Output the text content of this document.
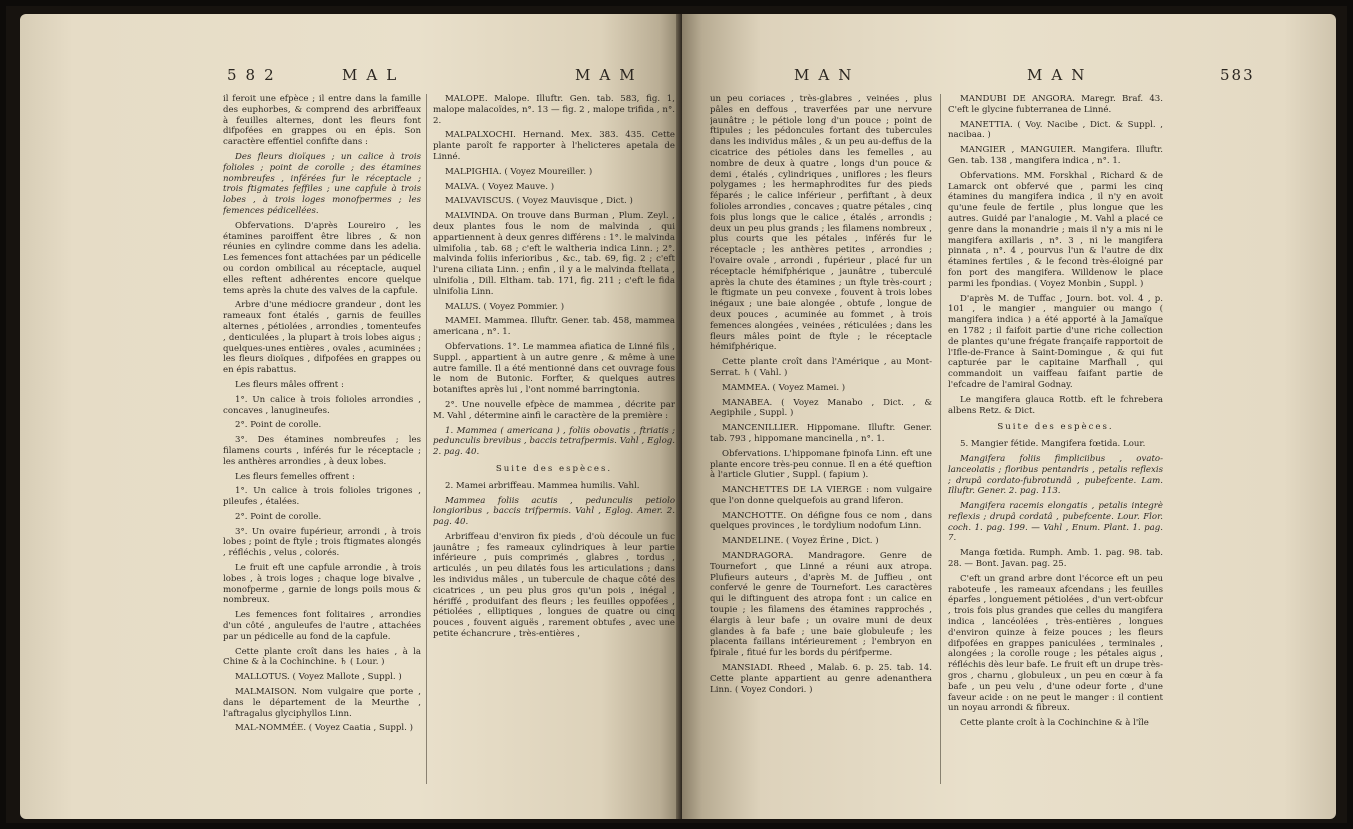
582	MAL	MAM

il feroit une efpèce ; il entre dans la famille des euphorbes, & comprend des arbriffeaux à feuilles alternes, dont les fleurs font difpofées en grappes ou en épis. Son caractère effentiel confifte dans :

Des fleurs dioïques ; un calice à trois folioles ; point de corolle ; des étamines nombreufes , inférées fur le réceptacle ; trois ftigmates feffiles ; une capfule à trois lobes , à trois loges monofpermes ; les femences pédicellées.

Obfervations. D'après Loureiro , les étamines paroiffent être libres , & non réunies en cylindre comme dans les adelia. Les femences font attachées par un pédicelle ou cordon ombilical au réceptacle, auquel elles reftent adhérentes encore quelque tems après la chute des valves de la capfule.

Arbre d'une médiocre grandeur , dont les rameaux font étalés , garnis de feuilles alternes , pétiolées , arrondies , tomenteufes , denticulées , la plupart à trois lobes aigus ; quelques-unes entières , ovales , acuminées ; les fleurs dioïques , difpofées en grappes ou en épis rabattus.

Les fleurs mâles offrent :

1°. Un calice à trois folioles arrondies , concaves , lanugineufes.

2°. Point de corolle.

3°. Des étamines nombreufes ; les filamens courts , inférés fur le réceptacle ; les anthères arrondies , à deux lobes.

Les fleurs femelles offrent :

1°. Un calice à trois folioles trigones , pileufes , étalées.

2°. Point de corolle.

3°. Un ovaire fupérieur, arrondi , à trois lobes ; point de ftyle ; trois ftigmates alongés , réfléchis , velus , colorés.

Le fruit eft une capfule arrondie , à trois lobes , à trois loges ; chaque loge bivalve , monofperme , garnie de longs poils mous & nombreux.

Les femences font folitaires , arrondies d'un côté , anguleufes de l'autre , attachées par un pédicelle au fond de la capfule.

Cette plante croît dans les haies , à la Chine & à la Cochinchine. ♄ ( Lour. )

MALLOTUS. ( Voyez Mallote , Suppl. )

MALMAISON. Nom vulgaire que porte , dans le département de la Meurthe , l'aftragalus glyciphyllos Linn.

MAL-NOMMÉE. ( Voyez Caatia , Suppl. )

MALOPE. Malope. Illuftr. Gen. tab. 583, fig. 1, malope malacoïdes, n°. 13 — fig. 2 , malope trifida , n°. 2.

MALPALXOCHI. Hernand. Mex. 383. 435. Cette plante paroît fe rapporter à l'helicteres apetala de Linné.

MALPIGHIA. ( Voyez Moureiller. )

MALVA. ( Voyez Mauve. )

MALVAVISCUS. ( Voyez Mauvisque , Dict. )

MALVINDA. On trouve dans Burman , Plum. Zeyl. , deux plantes fous le nom de malvinda , qui appartiennent à deux genres différens : 1°. le malvinda ulmifolia , tab. 68 ; c'eft le waltheria indica Linn. ; 2°. malvinda foliis inferioribus , &c., tab. 69, fig. 2 ; c'eft l'urena ciliata Linn. ; enfin , il y a le malvinda ftellata , ulnifolia , Dill. Eltham. tab. 171, fig. 211 ; c'eft le fida ulnifolia Linn.

MALUS. ( Voyez Pommier. )

MAMEI. Mammea. Illuftr. Gener. tab. 458, mammea americana , n°. 1.

Obfervations. 1°. Le mammea afiatica de Linné fils , Suppl. , appartient à un autre genre , & même à une autre famille. Il a été mentionné dans cet ouvrage fous le nom de Butonic. Forfter, & quelques autres botaniftes après lui , l'ont nommé barringtonia.

2°. Une nouvelle efpèce de mammea , décrite par M. Vahl , détermine ainfi le caractère de la première :

1. Mammea ( americana ) , foliis obovatis , ftriatis ; pedunculis brevibus , baccis tetrafpermis. Vahl , Eglog. 2. pag. 40.

Suite des espèces.

2. Mamei arbriffeau. Mammea humilis. Vahl.

Mammea foliis acutis , pedunculis petiolo longioribus , baccis trifpermis. Vahl , Eglog. Amer. 2. pag. 40.

Arbriffeau d'environ fix pieds , d'où découle un fuc jaunâtre ; fes rameaux cylindriques à leur partie inférieure , puis comprimés , glabres , tordus , articulés , un peu dilatés fous les articulations ; dans les individus mâles , un tubercule de chaque côté des cicatrices , un peu plus gros qu'un pois , inégal , hériffé , produifant des fleurs ; les feuilles oppofées , pétiolées , elliptiques , longues de quatre ou cinq pouces , fouvent aiguës , rarement obtufes , avec une petite échancrure , très-entières ,

MAN	MAN	583

un peu coriaces , très-glabres , veinées , plus pâles en deffous , traverfées par une nervure jaunâtre ; le pétiole long d'un pouce ; point de ftipules ; les pédoncules fortant des tubercules dans les individus mâles , & un peu au-deffus de la cicatrice des pétioles dans les femelles , au nombre de deux à quatre , longs d'un pouce & demi , étalés , cylindriques , uniflores ; les fleurs polygames ; les hermaphrodites fur des pieds féparés ; le calice inférieur , perfiftant , à deux folioles arrondies , concaves ; quatre pétales , cinq fois plus longs que le calice , étalés , arrondis ; deux un peu plus grands ; les filamens nombreux , plus courts que les pétales , inférés fur le réceptacle ; les anthères petites , arrondies ; l'ovaire ovale , arrondi , fupérieur , placé fur un réceptacle hémifphérique , jaunâtre , tuberculé après la chute des étamines ; un ftyle très-court ; le ftigmate un peu convexe , fouvent à trois lobes inégaux ; une baie alongée , obtufe , longue de deux pouces , acuminée au fommet , à trois femences alongées , veinées , réticulées ; dans les fleurs mâles point de ftyle ; le réceptacle hémifphérique.

Cette plante croît dans l'Amérique , au Mont-Serrat. ♄ ( Vahl. )

MAMMEA. ( Voyez Mamei. )

MANABEA. ( Voyez Manabo , Dict. , & Aegiphile , Suppl. )

MANCENILLIER. Hippomane. Illuftr. Gener. tab. 793 , hippomane mancinella , n°. 1.

Obfervations. L'hippomane fpinofa Linn. eft une plante encore très-peu connue. Il en a été queftion à l'article Glutier , Suppl. ( fapium ).

MANCHETTES DE LA VIERGE : nom vulgaire que l'on donne quelquefois au grand liferon.

MANCHOTTE. On défigne fous ce nom , dans quelques provinces , le tordylium nodofum Linn.

MANDELINE. ( Voyez Érine , Dict. )

MANDRAGORA. Mandragore. Genre de Tournefort , que Linné a réuni aux atropa. Plufieurs auteurs , d'après M. de Juffieu , ont confervé le genre de Tournefort. Les caractères qui le diftinguent des atropa font : un calice en toupie ; les filamens des étamines rapprochés , élargis à leur bafe ; un ovaire muni de deux glandes à fa bafe ; une baie globuleufe ; les placenta faillans intérieurement ; l'embryon en fpirale , fitué fur les bords du périfperme.

MANSIADI. Rheed , Malab. 6. p. 25. tab. 14. Cette plante appartient au genre adenanthera Linn. ( Voyez Condori. )

MANDUBI DE ANGORA. Maregr. Braf. 43. C'eft le glycine fubterranea de Linné.

MANETTIA. ( Voy. Nacibe , Dict. & Suppl. , nacibaa. )

MANGIER , MANGUIER. Mangifera. Illuftr. Gen. tab. 138 , mangifera indica , n°. 1.

Obfervations. MM. Forskhal , Richard & de Lamarck ont obfervé que , parmi les cinq étamines du mangifera indica , il n'y en avoit qu'une feule de fertile , plus longue que les autres. Guidé par l'analogie , M. Vahl a placé ce genre dans la monandrie ; mais il n'y a mis ni le mangifera axillaris , n°. 3 , ni le mangifera pinnata , n°. 4 , pourvus l'un & l'autre de dix étamines fertiles , & le fecond très-éloigné par fon port des mangifera. Willdenow le place parmi les fpondias. ( Voyez Monbin , Suppl. )

D'après M. de Tuffac , Journ. bot. vol. 4 , p. 101 , le mangier , manguier ou mango ( mangifera indica ) a été apporté à la Jamaïque en 1782 ; il faifoit partie d'une riche collection de plantes qu'une frégate françaife rapportoit de l'Ifle-de-France à Saint-Domingue , & qui fut capturée par le capitaine Marfhall , qui commandoit un vaiffeau faifant partie de l'efcadre de l'amiral Godnay.

Le mangifera glauca Rottb. eft le fchrebera albens Retz. & Dict.

Suite des espèces.

5. Mangier fétide. Mangifera fœtida. Lour.

Mangifera foliis fimpliciibus , ovato-lanceolatis ; floribus pentandris , petalis reflexis ; drupâ cordato-fubrotundâ , pubefcente. Lam. Illuftr. Gener. 2. pag. 113.

Mangifera racemis elongatis , petalis integrè reflexis ; drupâ cordatâ , pubefcente. Lour. Flor. coch. 1. pag. 199. — Vahl , Enum. Plant. 1. pag. 7.

Manga fœtida. Rumph. Amb. 1. pag. 98. tab. 28. — Bont. Javan. pag. 25.

C'eft un grand arbre dont l'écorce eft un peu raboteufe , les rameaux afcendans ; les feuilles éparfes , longuement pétiolées , d'un vert-obfcur , trois fois plus grandes que celles du mangifera indica , lancéolées , très-entières , longues d'environ quinze à feize pouces ; les fleurs difpofées en grappes paniculées , terminales , alongées ; la corolle rouge ; les pétales aigus , réfléchis dès leur bafe. Le fruit eft un drupe très-gros , charnu , globuleux , un peu en cœur à fa bafe , un peu velu , d'une odeur forte , d'une faveur acide : on ne peut le manger : il contient un noyau arrondi & fibreux.

Cette plante croît à la Cochinchine & à l'île
